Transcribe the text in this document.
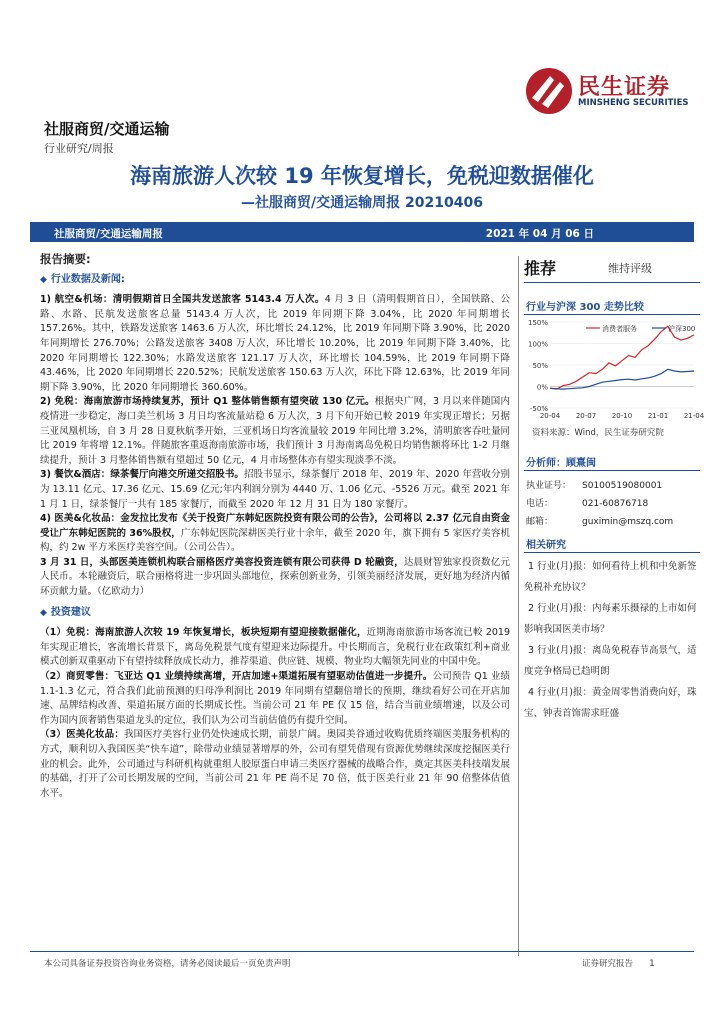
民生证券
MINSHENG SECURITIES
社服商贸/交通运输
行业研究/周报
海南旅游人次较 19 年恢复增长，免税迎数据催化
—社服商贸/交通运输周报 20210406
社服商贸/交通运输周报	2021 年 04 月 06 日
报告摘要:
◆ 行业数据及新闻:
1) 航空&机场：清明假期首日全国共发送旅客 5143.4 万人次。4 月 3 日（清明假期首日），全国铁路、公路、水路、民航发送旅客总量 5143.4 万人次，比 2019 年同期下降 3.04%，比 2020 年同期增长 157.26%。其中，铁路发送旅客 1463.6 万人次，环比增长 24.12%，比 2019 年同期下降 3.90%，比 2020 年同期增长 276.70%；公路发送旅客 3408 万人次，环比增长 10.20%，比 2019 年同期下降 3.40%，比 2020 年同期增长 122.30%；水路发送旅客 121.17 万人次，环比增长 104.59%，比 2019 年同期下降 43.46%，比 2020 年同期增长 220.52%；民航发送旅客 150.63 万人次，环比下降 12.63%，比 2019 年同期下降 3.90%，比 2020 年同期增长 360.60%。
2) 免税：海南旅游市场持续复苏，预计 Q1 整体销售额有望突破 130 亿元。根据央广网，3 月以来伴随国内疫情进一步稳定，海口美兰机场 3 月日均客流量站稳 6 万人次，3 月下旬开始已較 2019 年实现正增长；另据三亚凤凰机场，自 3 月 28 日夏秋航季开始，三亚机场日均客流量较 2019 年同比增 3.2%，清明旅客吞吐量同比 2019 年将增 12.1%。伴随旅客重返海南旅游市场，我们预计 3 月海南离岛免税日均销售额将环比 1-2 月继续提升，预计 3 月整体销售额有望超过 50 亿元，4 月市场整体亦有望实现淡季不淡。
3) 餐饮&酒店：绿茶餐厅向港交所递交招股书。招股书显示，绿茶餐厅 2018 年、2019 年、2020 年营收分别为 13.11 亿元、17.36 亿元、15.69 亿元;年内利润分别为 4440 万、1.06 亿元、-5526 万元。截至 2021 年 1 月 1 日，绿茶餐厅一共有 185 家餐厅，而截至 2020 年 12 月 31 日为 180 家餐厅。
4) 医美&化妆品：金发拉比发布《关于投资广东韩妃医院投资有限公司的公告》，公司将以 2.37 亿元自由资金受让广东韩妃医院的 36%股权，广东韩妃医院深耕医美行业十余年，截至 2020 年，旗下拥有 5 家医疗美容机构，约 2w 平方米医疗美容空间。（公司公告）。
3 月 31 日，头部医美连锁机构联合丽格医疗美容投资连锁有限公司获得 D 轮融资，达晨财智独家投资数亿元人民币。本轮融资后，联合丽格将进一步巩固头部地位，探索创新业务，引领美丽经济发展，更好地为经济内循环贡献力量。（亿欧动力）
◆ 投资建议
（1）免税：海南旅游人次较 19 年恢复增长，板块短期有望迎接数据催化，近期海南旅游市场客流已較 2019 年实现正增长，客流增长背景下，离岛免税景气度有望迎来边际提升。中长期而言，免税行业在政策红利+商业模式创新双重驱动下有望持续释放成长动力，推荐渠道、供应链、规模、物业均大幅领先同业的中国中免。
（2）商贸零售：飞亚达 Q1 业绩持续高增，开店加速+渠道拓展有望驱动估值进一步提升。公司预告 Q1 业绩 1.1-1.3 亿元，符合我们此前预测的归母净利润比 2019 年同期有望翻倍增长的预期，继续看好公司在开店加速、品牌结构改善、渠道拓展方面的长期成长性。当前公司 21 年 PE 仅 15 倍，结合当前业绩增速，以及公司作为国内顶奢销售渠道龙头的定位，我们认为公司当前估值仍有提升空间。
（3）医美化妆品：我国医疗美容行业仍处快速成长期，前景广阔。奥园美谷通过收购优质终端医美服务机构的方式，顺利切入我国医美“快车道”，除带动业绩显著增厚的外，公司有望凭借现有资源优势继续深度挖掘医美行业的机会。此外，公司通过与科研机构就重组人胶原蛋白申请三类医疗器械的战略合作，奠定其医美科技端发展的基础，打开了公司长期发展的空间，当前公司 21 年 PE 尚不足 70 倍，低于医美行业 21 年 90 倍整体估值水平。
推荐	维持评级
行业与沪深 300 走势比较
-50%
0%
50%
100%
150%
20-04 20-07 20-10 21-01 21-04
消费者服务	沪深300
资料来源：Wind，民生证券研究院
分析师：顾熹闽
执业证号： S0100519080001
电话：	021-60876718
邮箱：	guximin@mszq.com
相关研究
1 行业(月)报：如何看待上机和中免新签免税补充协议？
2 行业(月)报：内每素乐摄禄的上市如何影响我国医美市场？
3 行业(月)报：离岛免税春节高景气，适度竞争格局已趋明朗
4 行业(月)报：黄金周零售消费向好，珠宝、钟表首饰需求旺盛
本公司具备证券投资咨询业务资格，请务必阅读最后一页免责声明	证券研究报告 1
